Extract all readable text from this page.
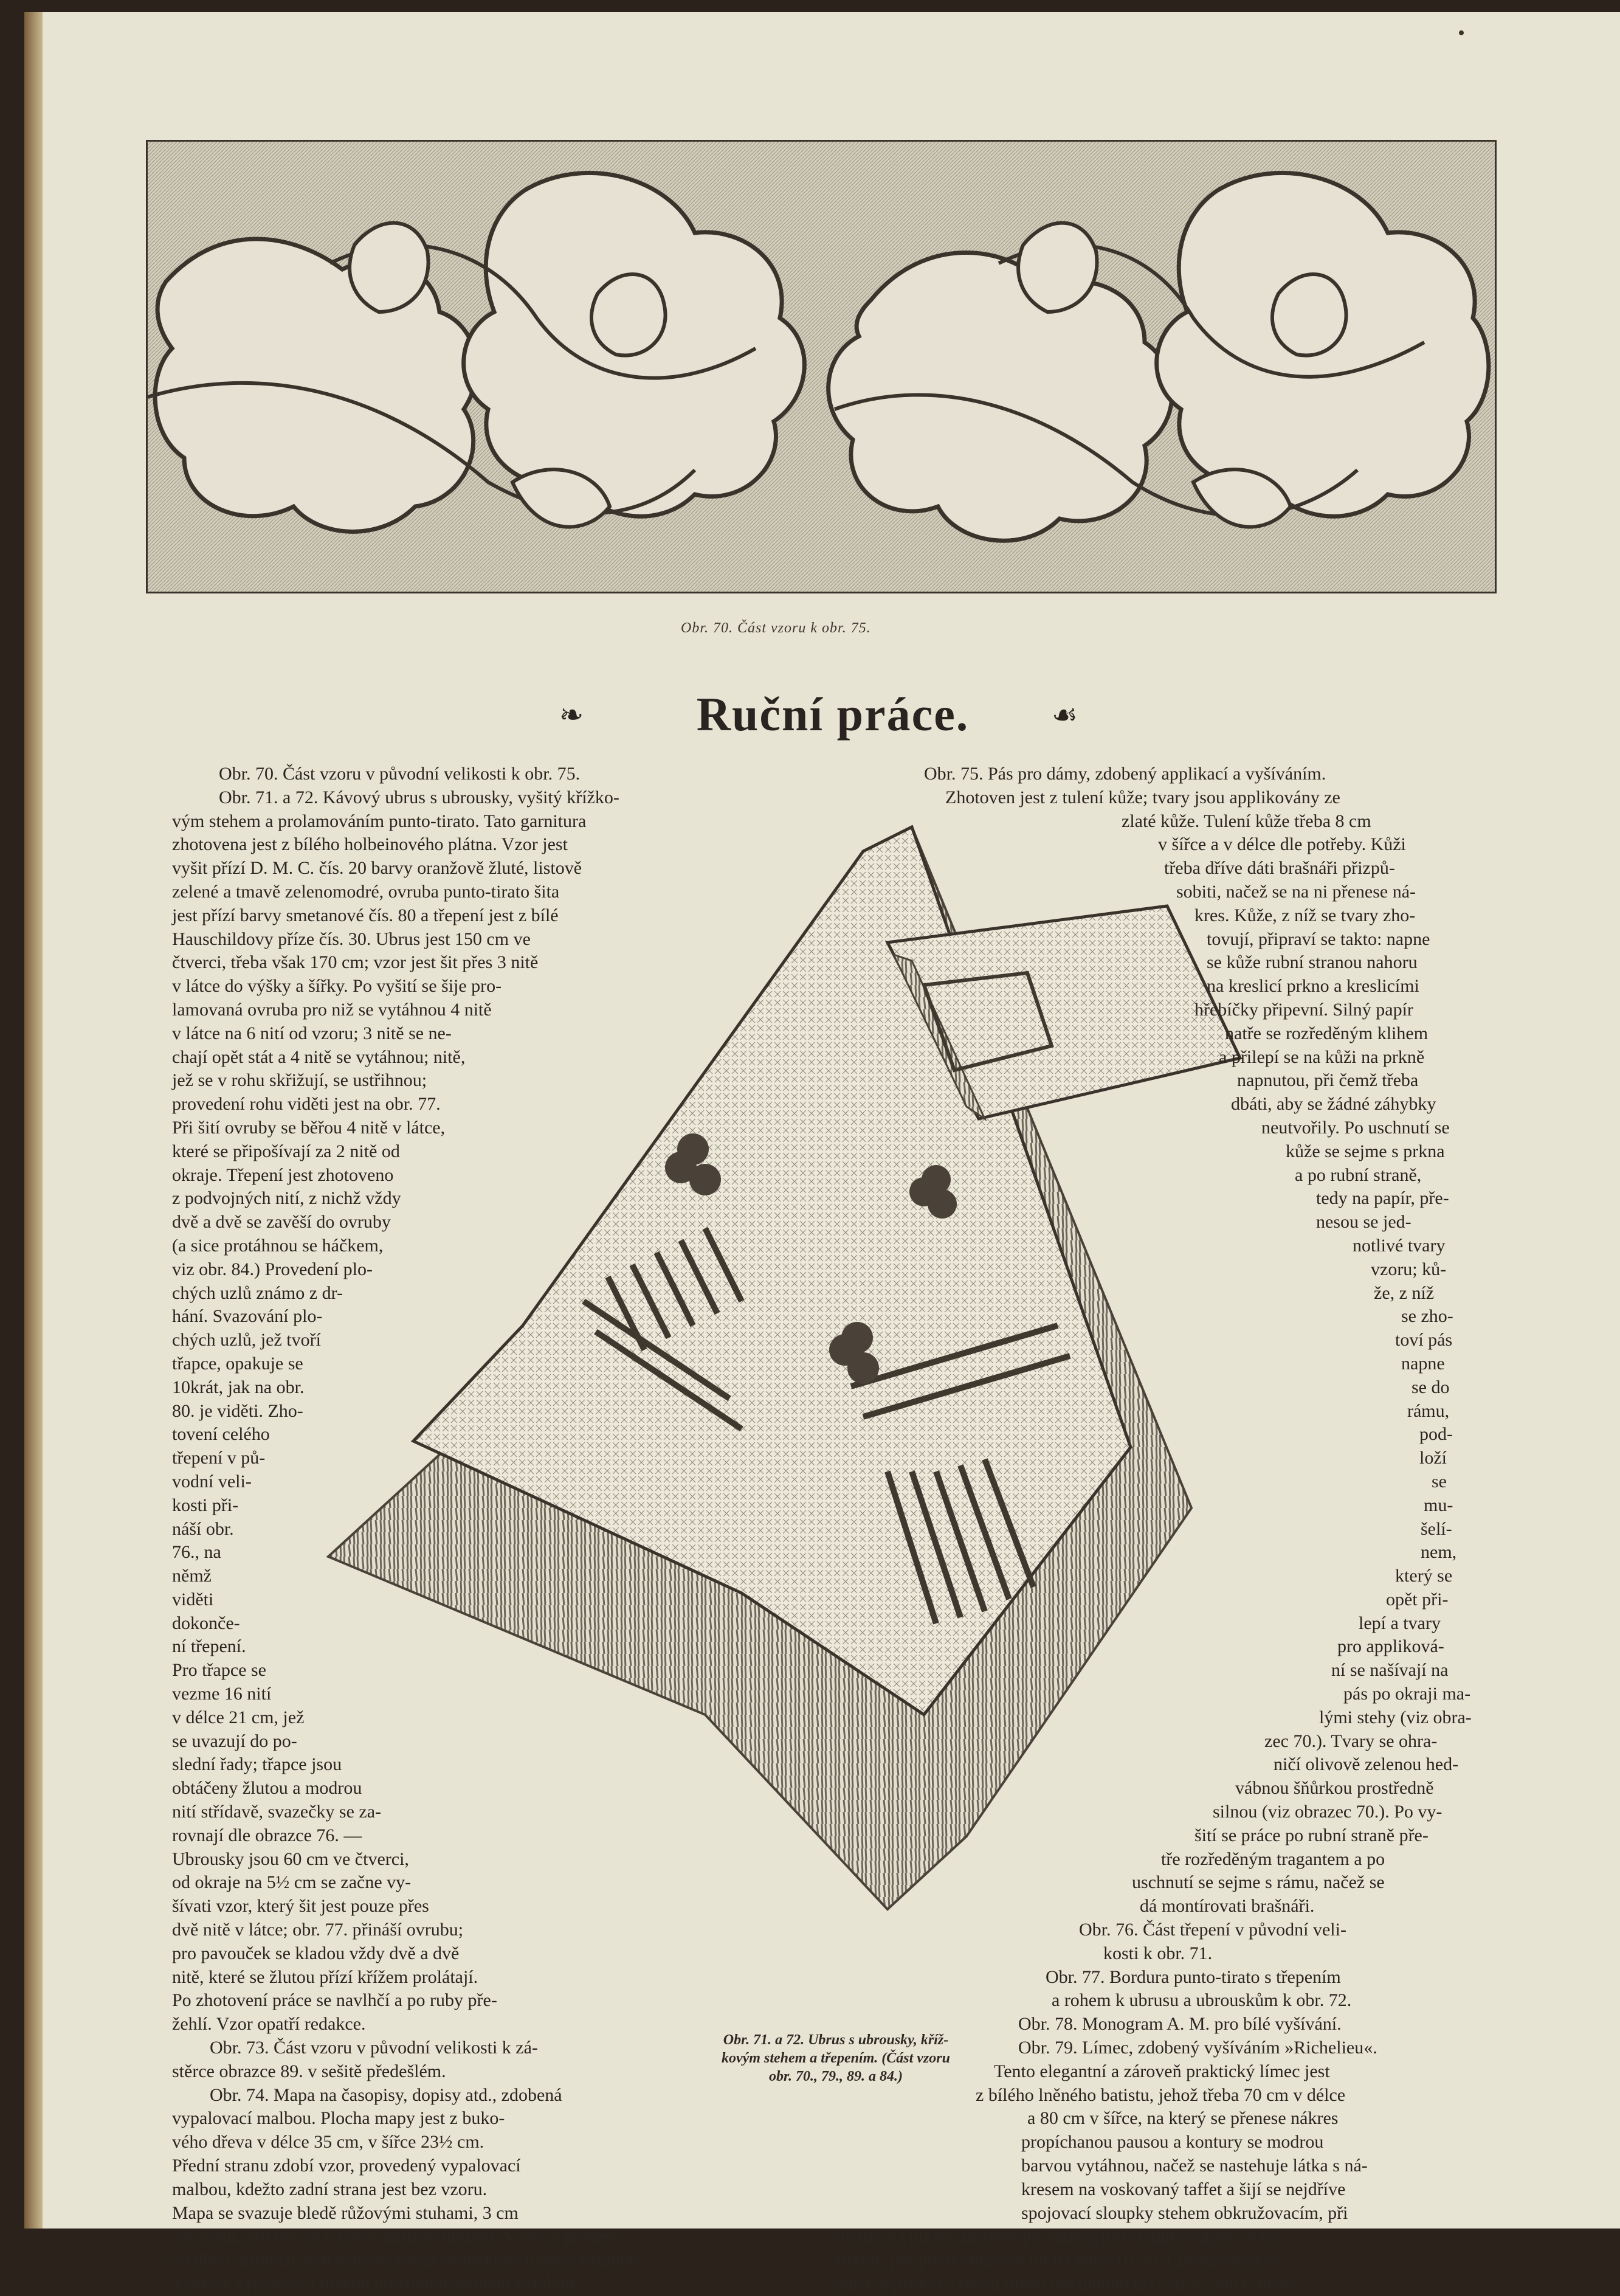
Obr. 70. Část vzoru k obr. 75.
❧	Ruční práce.	☙
Obr. 71. a 72. Ubrus s ubrousky, kříž-
kovým stehem a třepením. (Část vzoru
obr. 70., 79., 89. a 84.)

Obr. 70. Část vzoru v původní velikosti k obr. 75.

Obr. 71. a 72. Kávový ubrus s ubrousky, vyšitý křížko-

vým stehem a prolamováním punto-tirato. Tato garnitura

zhotovena jest z bílého holbeinového plátna. Vzor jest

vyšit přízí D. M. C. čís. 20 barvy oranžově žluté, listově

zelené a tmavě zelenomodré, ovruba punto-tirato šita

jest přízí barvy smetanové čís. 80 a třepení jest z bílé

Hauschildovy příze čís. 30. Ubrus jest 150 cm ve

čtverci, třeba však 170 cm; vzor jest šit přes 3 nitě

v látce do výšky a šířky. Po vyšití se šije pro-

lamovaná ovruba pro niž se vytáhnou 4 nitě

v látce na 6 nití od vzoru; 3 nitě se ne-

chají opět stát a 4 nitě se vytáhnou; nitě,

jež se v rohu skřižují, se ustřihnou;

provedení rohu viděti jest na obr. 77.

Při šití ovruby se běřou 4 nitě v látce,

které se připošívají za 2 nitě od

okraje. Třepení jest zhotoveno

z podvojných nití, z nichž vždy

dvě a dvě se zavěší do ovruby

(a sice protáhnou se háčkem,

viz obr. 84.) Provedení plo-

chých uzlů známo z dr-

hání. Svazování plo-

chých uzlů, jež tvoří

třapce, opakuje se

10krát, jak na obr.

80. je viděti. Zho-

tovení celého

třepení v pů-

vodní veli-

kosti při-

náší obr.

76., na

němž

viděti

dokonče-

ní třepení.

Pro třapce se

vezme 16 nití

v délce 21 cm, jež

se uvazují do po-

slední řady; třapce jsou

obtáčeny žlutou a modrou

nití střídavě, svazečky se za-

rovnají dle obrazce 76. —

Ubrousky jsou 60 cm ve čtverci,

od okraje na 5½ cm se začne vy-

šívati vzor, který šit jest pouze přes

dvě nitě v látce; obr. 77. přináší ovrubu;

pro pavouček se kladou vždy dvě a dvě

nitě, které se žlutou přízí křížem prolátají.

Po zhotovení práce se navlhčí a po ruby pře-

žehlí. Vzor opatří redakce.

Obr. 73. Část vzoru v původní velikosti k zá-

stěrce obrazce 89. v sešitě předešlém.

Obr. 74. Mapa na časopisy, dopisy atd., zdobená

vypalovací malbou. Plocha mapy jest z buko-

vého dřeva v délce 35 cm, v šířce 23½ cm.

Přední stranu zdobí vzor, provedený vypalovací

malbou, kdežto zadní strana jest bez vzoru.

Mapa se svazuje bledě růžovými stuhami, 3 cm

širokými, pro něž se v dřevě nafízne mezera. Vzor se přenese

na dřevo propíchanou pausou, načež se měkkou tužkou vytáhne

a pak se vypalovací tužkou prostředně jemnou vytahuje.

Obr. 75. Pás pro dámy, zdobený applikací a vyšíváním.

Zhotoven jest z tulení kůže; tvary jsou applikovány ze

zlaté kůže. Tulení kůže třeba 8 cm

v šířce a v délce dle potřeby. Kůži

třeba dříve dáti brašnáři přizpů-

sobiti, načež se na ni přenese ná-

kres. Kůže, z níž se tvary zho-

tovují, připraví se takto: napne

se kůže rubní stranou nahoru

na kreslicí prkno a kreslicími

hřebíčky připevní. Silný papír

natře se rozředěným klihem

a přilepí se na kůži na prkně

napnutou, při čemž třeba

dbáti, aby se žádné záhybky

neutvořily. Po uschnutí se

kůže se sejme s prkna

a po rubní straně,

tedy na papír, pře-

nesou se jed-

notlivé tvary

vzoru; ků-

že, z níž

se zho-

toví pás

napne

se do

rámu,

pod-

loží

se

mu-

šelí-

nem,

který se

opět při-

lepí a tvary

pro appliková-

ní se našívají na

pás po okraji ma-

lými stehy (viz obra-

zec 70.). Tvary se ohra-

ničí olivově zelenou hed-

vábnou šňůrkou prostředně

silnou (viz obrazec 70.). Po vy-

šití se práce po rubní straně pře-

tře rozředěným tragantem a po

uschnutí se sejme s rámu, načež se

dá montírovati brašnáři.

Obr. 76. Část třepení v původní veli-

kosti k obr. 71.

Obr. 77. Bordura punto-tirato s třepením

a rohem k ubrusu a ubrouskům k obr. 72.

Obr. 78. Monogram A. M. pro bílé vyšívání.

Obr. 79. Límec, zdobený vyšíváním »Richelieu«.

Tento elegantní a zároveň praktický límec jest

z bílého lněného batistu, jehož třeba 70 cm v délce

a 80 cm v šířce, na který se přenese nákres

propíchanou pausou a kontury se modrou

barvou vytáhnou, načež se nastehuje látka s ná-

kresem na voskovaný taffet a šijí se nejdříve

spojovací sloupky stehem obkružovacím, při

nichž se i pikoty zároveň provádějí; pro sloupky napne se nit

třikrát, pro pikot obtáčí se nit na jehle 10- až 12krát, načež se

palcem přidrží a levou rukou tak dlouho drží, až se jehla skrze
